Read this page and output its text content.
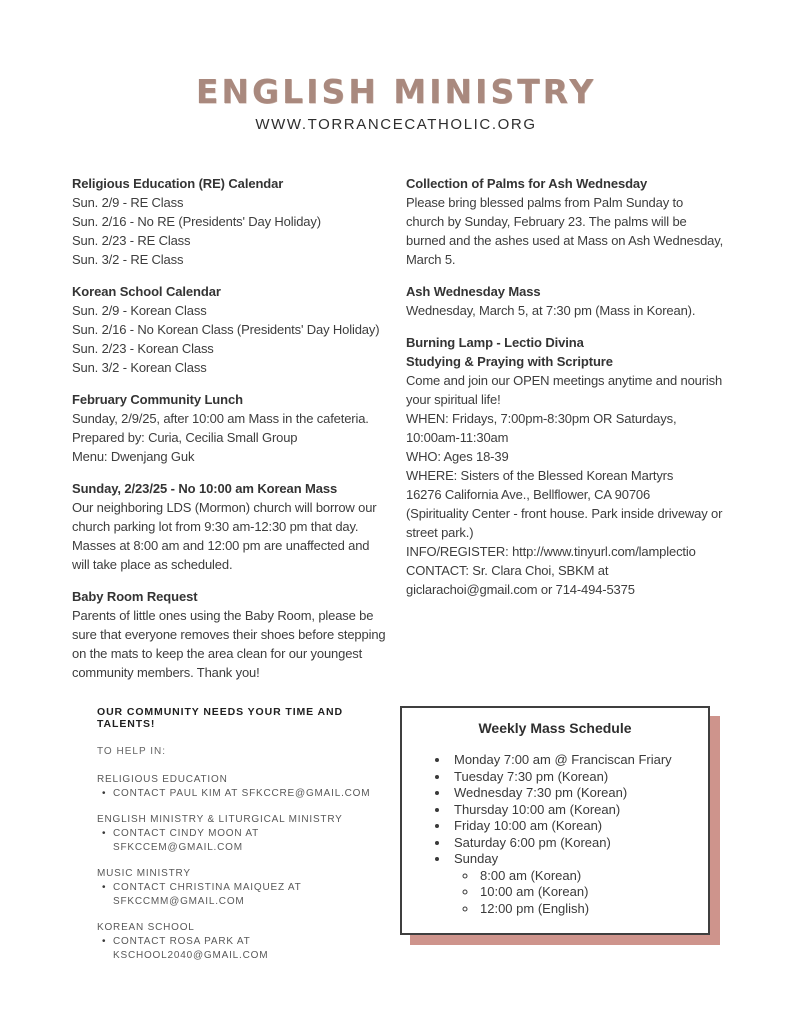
ENGLISH MINISTRY
WWW.TORRANCECATHOLIC.ORG
Religious Education (RE) Calendar

Sun. 2/9 - RE Class

Sun. 2/16 - No RE (Presidents' Day Holiday)

Sun. 2/23 - RE Class

Sun. 3/2 - RE Class

Korean School Calendar

Sun. 2/9 - Korean Class

Sun. 2/16 - No Korean Class (Presidents' Day Holiday)

Sun. 2/23 - Korean Class

Sun. 3/2 - Korean Class

February Community Lunch

Sunday, 2/9/25, after 10:00 am Mass in the cafeteria.

Prepared by: Curia, Cecilia Small Group

Menu: Dwenjang Guk

Sunday, 2/23/25 - No 10:00 am Korean Mass

Our neighboring LDS (Mormon) church will borrow our church parking lot from 9:30 am-12:30 pm that day. Masses at 8:00 am and 12:00 pm are unaffected and will take place as scheduled.

Baby Room Request

Parents of little ones using the Baby Room, please be sure that everyone removes their shoes before stepping on the mats to keep the area clean for our youngest community members. Thank you!

Collection of Palms for Ash Wednesday

Please bring blessed palms from Palm Sunday to church by Sunday, February 23. The palms will be burned and the ashes used at Mass on Ash Wednesday, March 5.

Ash Wednesday Mass

Wednesday, March 5, at 7:30 pm (Mass in Korean).

Burning Lamp - Lectio Divina
Studying & Praying with Scripture

Come and join our OPEN meetings anytime and nourish your spiritual life!

WHEN: Fridays, 7:00pm-8:30pm OR Saturdays, 10:00am-11:30am

WHO: Ages 18-39

WHERE: Sisters of the Blessed Korean Martyrs

16276 California Ave., Bellflower, CA 90706

(Spirituality Center - front house. Park inside driveway or street park.)

INFO/REGISTER: http://www.tinyurl.com/lamplectio

CONTACT: Sr. Clara Choi, SBKM at giclarachoi@gmail.com or 714-494-5375

OUR COMMUNITY NEEDS YOUR TIME AND TALENTS!
TO HELP IN:
RELIGIOUS EDUCATION
• CONTACT PAUL KIM AT SFKCCRE@GMAIL.COM
ENGLISH MINISTRY & LITURGICAL MINISTRY
• CONTACT CINDY MOON AT SFKCCEM@GMAIL.COM
MUSIC MINISTRY
• CONTACT CHRISTINA MAIQUEZ AT SFKCCMM@GMAIL.COM
KOREAN SCHOOL
• CONTACT ROSA PARK AT KSCHOOL2040@GMAIL.COM
Weekly Mass Schedule
• Monday 7:00 am @ Franciscan Friary
• Tuesday 7:30 pm (Korean)
• Wednesday 7:30 pm (Korean)
• Thursday 10:00 am (Korean)
• Friday 10:00 am (Korean)
• Saturday 6:00 pm (Korean)
• Sunday
◦ 8:00 am (Korean)
◦ 10:00 am (Korean)
◦ 12:00 pm (English)
